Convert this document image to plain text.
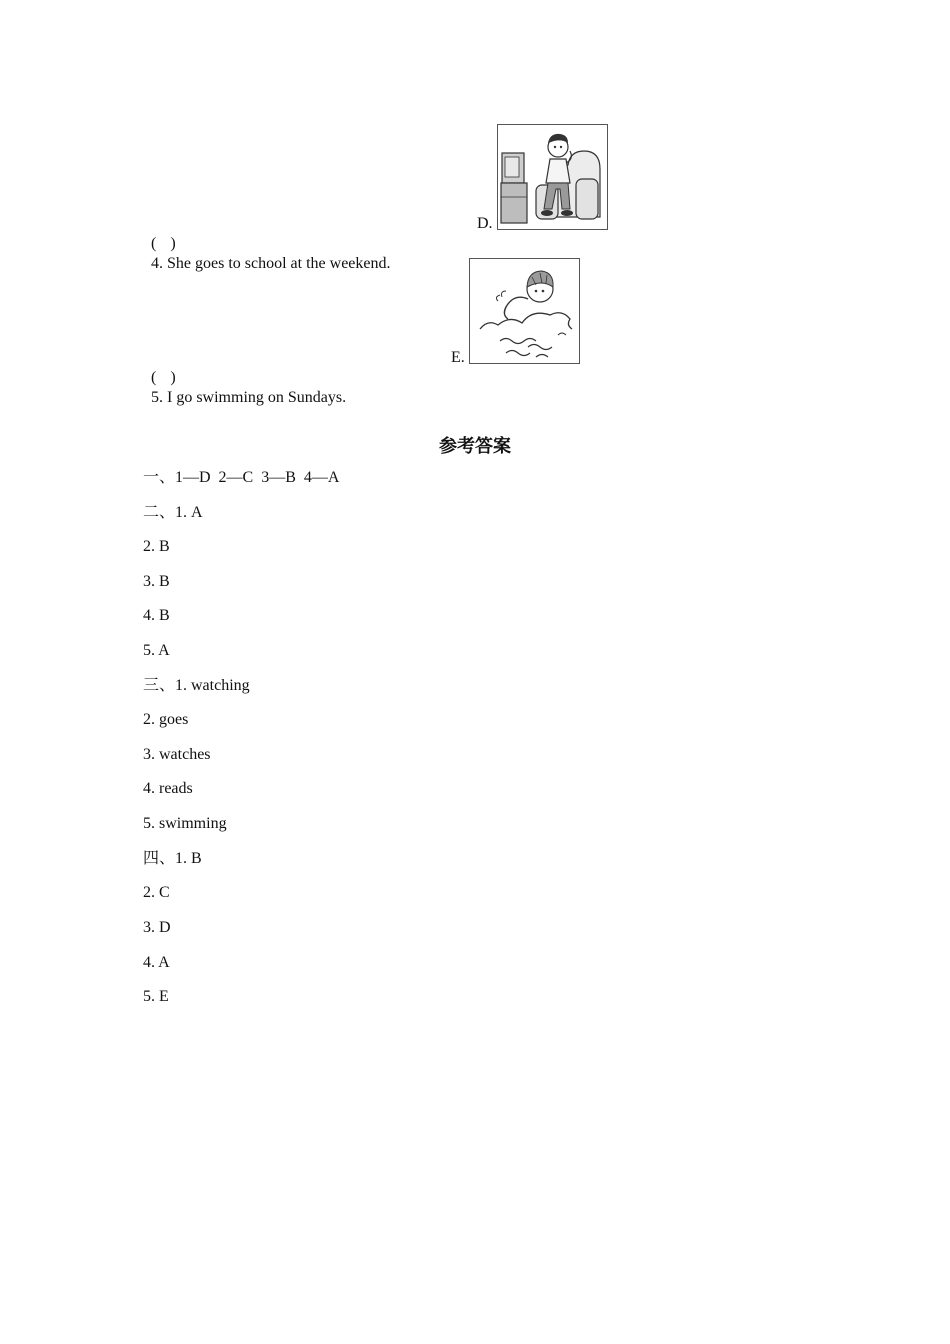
( )
4. She goes to school at the weekend.

D.

( )
5. I go swimming on Sundays.

E.
参考答案
一、1—D  2—C  3—B  4—A
二、1. A
2. B
3. B
4. B
5. A
三、1. watching
2. goes
3. watches
4. reads
5. swimming
四、1. B
2. C
3. D
4. A
5. E
